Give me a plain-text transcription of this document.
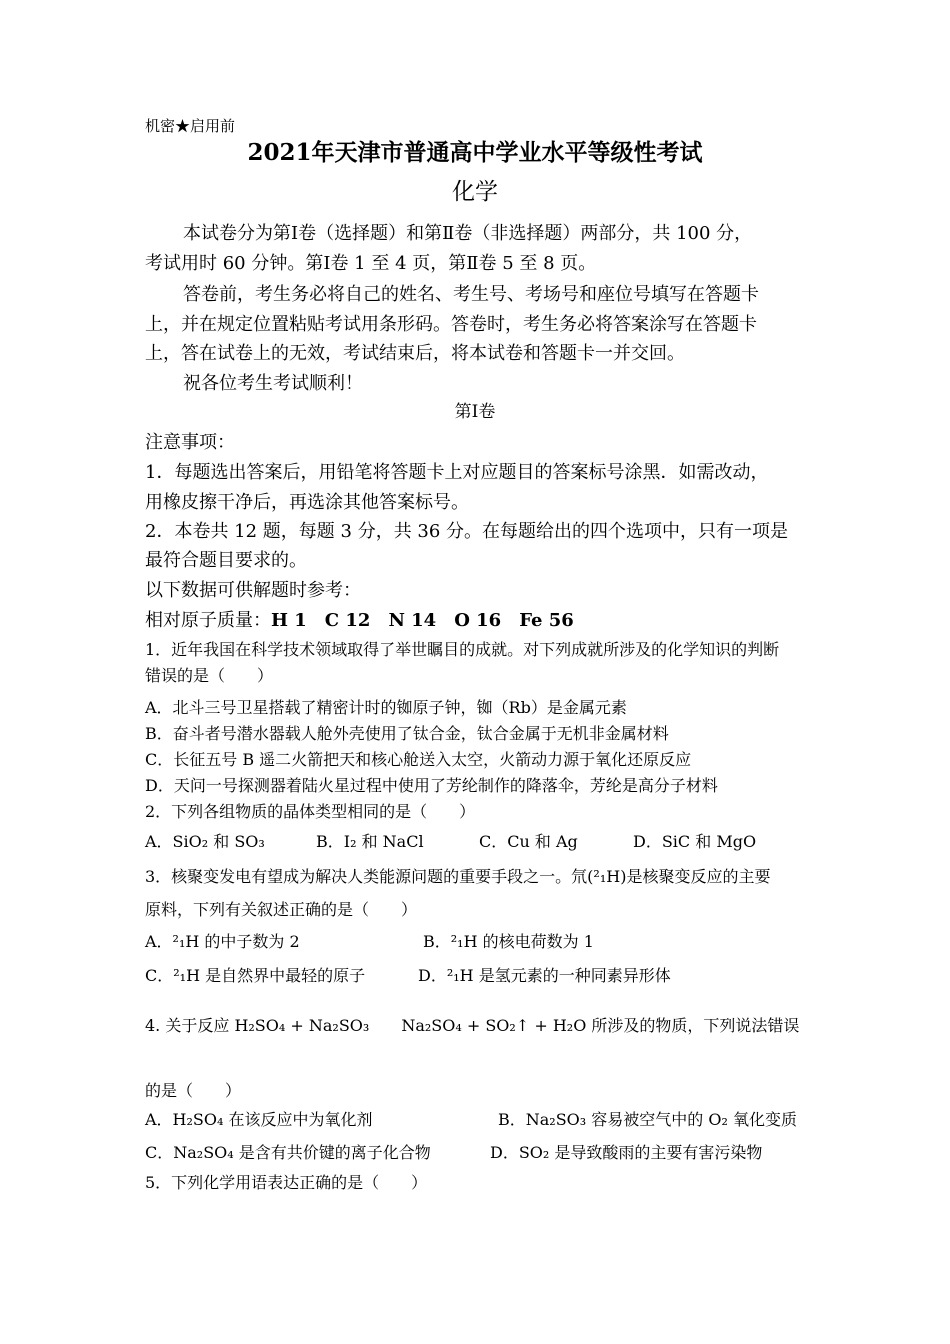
机密★启用前
2021年天津市普通高中学业水平等级性考试
化学
本试卷分为第Ⅰ卷（选择题）和第Ⅱ卷（非选择题）两部分，共 100 分，
考试用时 60 分钟。第Ⅰ卷 1 至 4 页，第Ⅱ卷 5 至 8 页。
答卷前，考生务必将自己的姓名、考生号、考场号和座位号填写在答题卡
上，并在规定位置粘贴考试用条形码。答卷时，考生务必将答案涂写在答题卡
上，答在试卷上的无效，考试结束后，将本试卷和答题卡一并交回。
祝各位考生考试顺利！
第Ⅰ卷
注意事项：
1．每题选出答案后，用铅笔将答题卡上对应题目的答案标号涂黑．如需改动，
用橡皮擦干净后，再选涂其他答案标号。
2．本卷共 12 题，每题 3 分，共 36 分。在每题给出的四个选项中，只有一项是
最符合题目要求的。
以下数据可供解题时参考：
相对原子质量：H 1　C 12　N 14　O 16　Fe 56
1．近年我国在科学技术领域取得了举世瞩目的成就。对下列成就所涉及的化学知识的判断
错误的是（　　）
A．北斗三号卫星搭载了精密计时的铷原子钟，铷（Rb）是金属元素
B．奋斗者号潜水器载人舱外壳使用了钛合金，钛合金属于无机非金属材料
C．长征五号 B 遥二火箭把天和核心舱送入太空，火箭动力源于氧化还原反应
D．天问一号探测器着陆火星过程中使用了芳纶制作的降落伞，芳纶是高分子材料
2．下列各组物质的晶体类型相同的是（　　）
A．SiO₂ 和 SO₃	B．I₂ 和 NaCl	C．Cu 和 Ag	D．SiC 和 MgO
3．核聚变发电有望成为解决人类能源问题的重要手段之一。氘(²₁H)是核聚变反应的主要
原料，下列有关叙述正确的是（　　）
A．²₁H 的中子数为 2	B．²₁H 的核电荷数为 1
C．²₁H 是自然界中最轻的原子	D．²₁H 是氢元素的一种同素异形体
4. 关于反应 H₂SO₄ + Na₂SO₃　　Na₂SO₄ + SO₂↑ + H₂O 所涉及的物质，下列说法错误
的是（　　）
A．H₂SO₄ 在该反应中为氧化剂	B．Na₂SO₃ 容易被空气中的 O₂ 氧化变质
C．Na₂SO₄ 是含有共价键的离子化合物	D．SO₂ 是导致酸雨的主要有害污染物
5．下列化学用语表达正确的是（　　）
